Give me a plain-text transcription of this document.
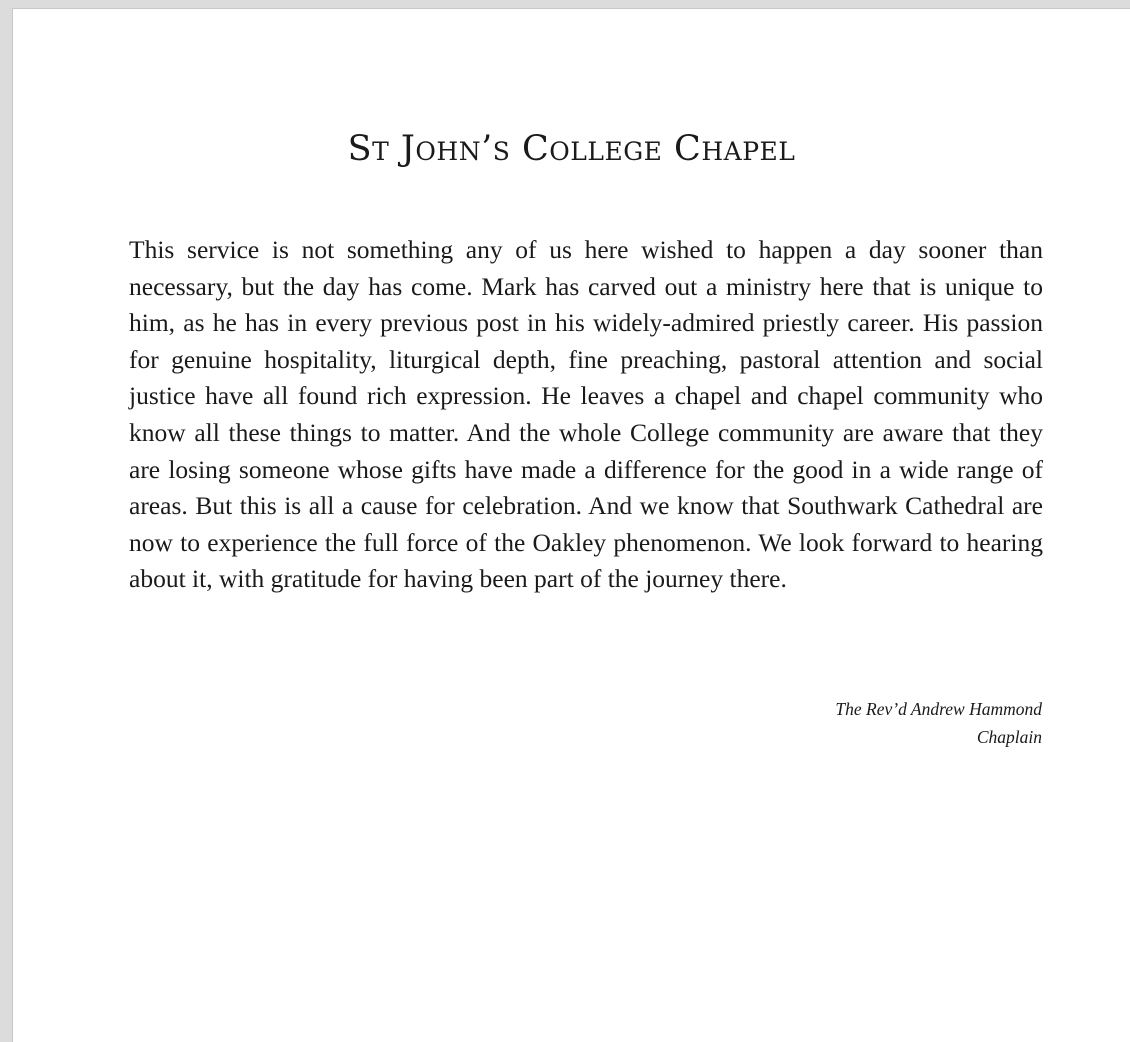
St John’s College Chapel

This service is not something any of us here wished to happen a day sooner than necessary, but the day has come. Mark has carved out a ministry here that is unique to him, as he has in every previous post in his widely-admired priestly career. His passion for genuine hospitality, liturgical depth, fine preaching, pastoral attention and social justice have all found rich expression. He leaves a chapel and chapel community who know all these things to matter. And the whole College community are aware that they are losing someone whose gifts have made a difference for the good in a wide range of areas. But this is all a cause for celebration. And we know that Southwark Cathedral are now to experience the full force of the Oakley phenomenon. We look forward to hearing about it, with gratitude for having been part of the journey there.

The Rev’d Andrew Hammond
Chaplain
